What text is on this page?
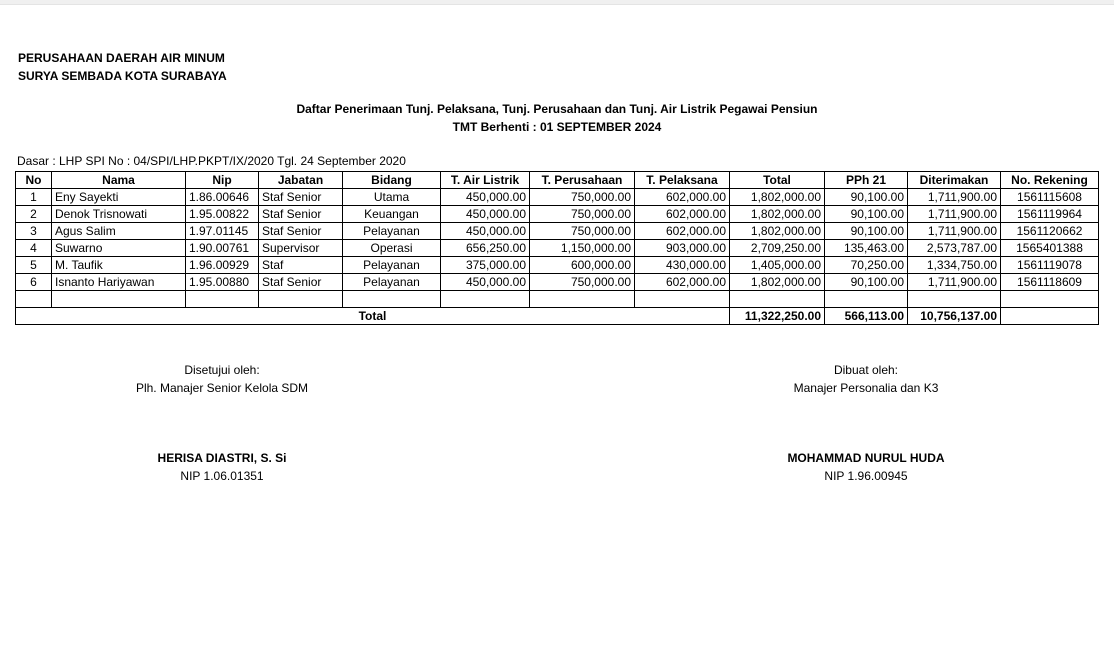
PERUSAHAAN DAERAH AIR MINUM
SURYA SEMBADA KOTA SURABAYA
Daftar Penerimaan Tunj. Pelaksana, Tunj. Perusahaan dan Tunj. Air Listrik Pegawai Pensiun
TMT Berhenti : 01 SEPTEMBER 2024
Dasar : LHP SPI No : 04/SPI/LHP.PKPT/IX/2020 Tgl. 24 September 2020
No	Nama	Nip	Jabatan	Bidang	T. Air Listrik	T. Perusahaan	T. Pelaksana	Total	PPh 21	Diterimakan	No. Rekening
1	Eny Sayekti	1.86.00646	Staf Senior	Utama	450,000.00	750,000.00	602,000.00	1,802,000.00	90,100.00	1,711,900.00	1561115608
2	Denok Trisnowati	1.95.00822	Staf Senior	Keuangan	450,000.00	750,000.00	602,000.00	1,802,000.00	90,100.00	1,711,900.00	1561119964
3	Agus Salim	1.97.01145	Staf Senior	Pelayanan	450,000.00	750,000.00	602,000.00	1,802,000.00	90,100.00	1,711,900.00	1561120662
4	Suwarno	1.90.00761	Supervisor	Operasi	656,250.00	1,150,000.00	903,000.00	2,709,250.00	135,463.00	2,573,787.00	1565401388
5	M. Taufik	1.96.00929	Staf	Pelayanan	375,000.00	600,000.00	430,000.00	1,405,000.00	70,250.00	1,334,750.00	1561119078
6	Isnanto Hariyawan	1.95.00880	Staf Senior	Pelayanan	450,000.00	750,000.00	602,000.00	1,802,000.00	90,100.00	1,711,900.00	1561118609

Total								11,322,250.00	566,113.00	10,756,137.00	
Disetujui oleh:
Plh. Manajer Senior Kelola SDM
HERISA DIASTRI, S. Si
NIP 1.06.01351
Dibuat oleh:
Manajer Personalia dan K3
MOHAMMAD NURUL HUDA
NIP 1.96.00945
